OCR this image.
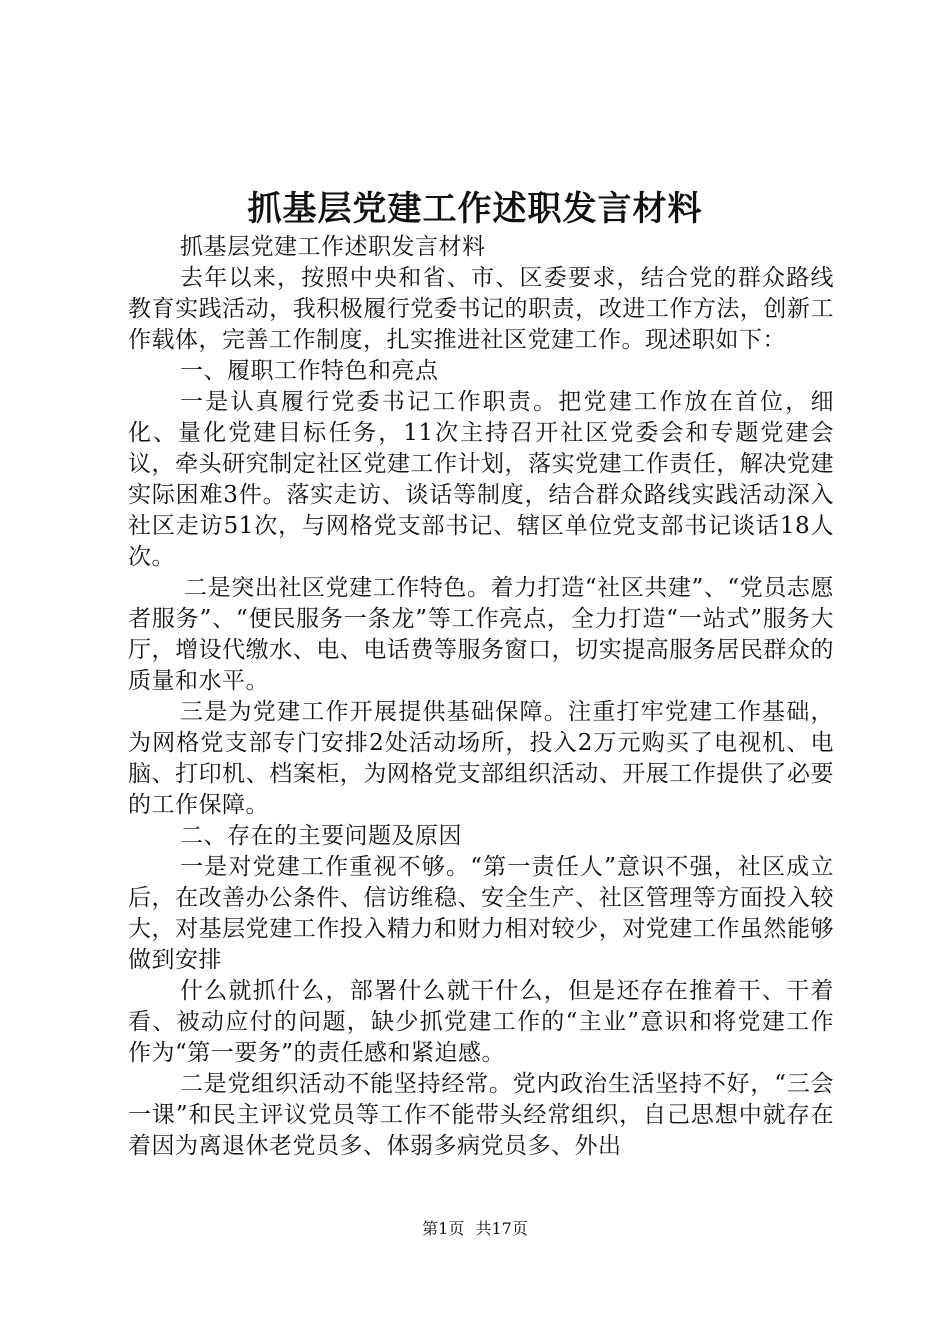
抓基层党建工作述职发言材料

抓基层党建工作述职发言材料

去年以来，按照中央和省、市、区委要求，结合党的群众路线教育实践活动，我积极履行党委书记的职责，改进工作方法，创新工作载体，完善工作制度，扎实推进社区党建工作。现述职如下：

一、履职工作特色和亮点

一是认真履行党委书记工作职责。把党建工作放在首位，细化、量化党建目标任务，11次主持召开社区党委会和专题党建会议，牵头研究制定社区党建工作计划，落实党建工作责任，解决党建实际困难3件。落实走访、谈话等制度，结合群众路线实践活动深入社区走访51次，与网格党支部书记、辖区单位党支部书记谈话18人次。

二是突出社区党建工作特色。着力打造“社区共建”、“党员志愿者服务”、“便民服务一条龙”等工作亮点，全力打造“一站式”服务大厅，增设代缴水、电、电话费等服务窗口，切实提高服务居民群众的质量和水平。

三是为党建工作开展提供基础保障。注重打牢党建工作基础，为网格党支部专门安排2处活动场所，投入2万元购买了电视机、电脑、打印机、档案柜，为网格党支部组织活动、开展工作提供了必要的工作保障。

二、存在的主要问题及原因

一是对党建工作重视不够。“第一责任人”意识不强，社区成立后，在改善办公条件、信访维稳、安全生产、社区管理等方面投入较大，对基层党建工作投入精力和财力相对较少，对党建工作虽然能够做到安排

什么就抓什么，部署什么就干什么，但是还存在推着干、干着看、被动应付的问题，缺少抓党建工作的“主业”意识和将党建工作作为“第一要务”的责任感和紧迫感。

二是党组织活动不能坚持经常。党内政治生活坚持不好，“三会一课”和民主评议党员等工作不能带头经常组织，自己思想中就存在着因为离退休老党员多、体弱多病党员多、外出

第1页 共17页
